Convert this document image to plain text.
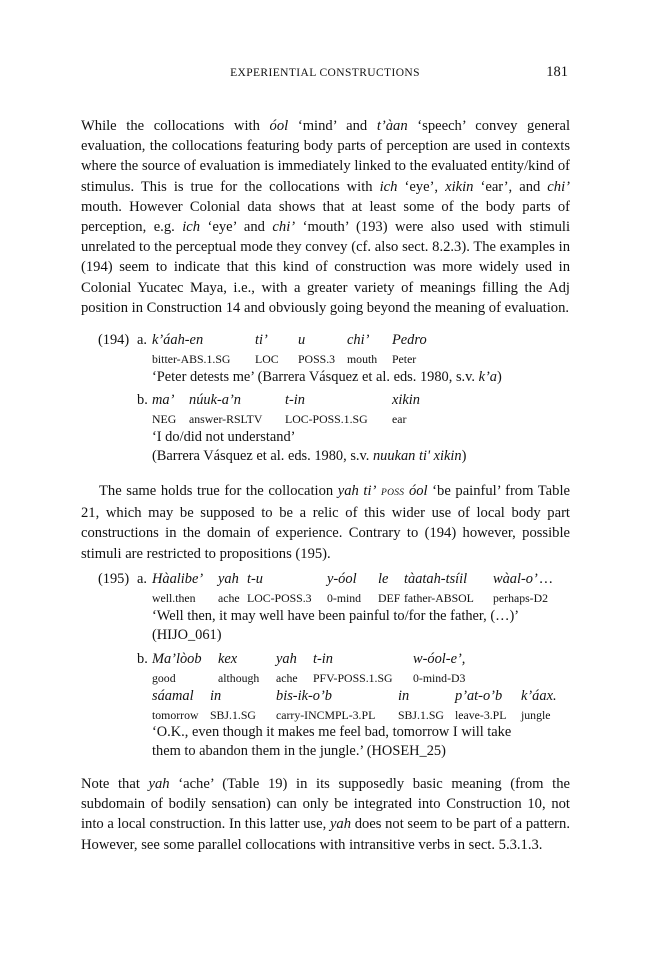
EXPERIENTIAL CONSTRUCTIONS	181

While the collocations with óol ‘mind’ and t’àan ‘speech’ convey general evaluation, the collocations featuring body parts of perception are used in contexts where the source of evaluation is immediately linked to the evaluated entity/kind of stimulus. This is true for the collocations with ich ‘eye’, xikin ‘ear’, and chi’ mouth. However Colonial data shows that at least some of the body parts of perception, e.g. ich ‘eye’ and chi’ ‘mouth’ (193) were also used with stimuli unrelated to the perceptual mode they convey (cf. also sect. 8.2.3). The examples in (194) seem to indicate that this kind of construction was more widely used in Colonial Yucatec Maya, i.e., with a greater variety of meanings filling the Adj position in Construction 14 and obviously going beyond the meaning of evaluation.

(194) a. k’áah-en	ti’ u	chi’ Pedro
bitter-ABS.1.SG LOC POSS.3 mouth Peter
‘Peter detests me’ (Barrera Vásquez et al. eds. 1980, s.v. k’a)
b. ma’ núuk-a’n	t-in	xikin
NEG answer-RSLTV LOC-POSS.1.SG ear
‘I do/did not understand’
(Barrera Vásquez et al. eds. 1980, s.v. nuukan ti' xikin)

The same holds true for the collocation yah ti’ POSS óol ‘be painful’ from Table 21, which may be supposed to be a relic of this wider use of local body part constructions in the domain of experience. Contrary to (194) however, possible stimuli are restricted to propositions (195).

(195) a. Hàalibe’ yah t-u	y-óol le tàatah-tsíil wàal-o’ …
well.then ache LOC-POSS.3 0-mind DEF father-ABSOL perhaps-D2
‘Well then, it may well have been painful to/for the father, (…)’
(HIJO_061)
b. Ma’lòob kex	yah t-in	w-óol-e’,
good	although ache PFV-POSS.1.SG 0-mind-D3
sáamal in	bis-ik-o’b	in	p’at-o’b k’áax.
tomorrow SBJ.1.SG carry-INCMPL-3.PL SBJ.1.SG leave-3.PL jungle
‘O.K., even though it makes me feel bad, tomorrow I will take
them to abandon them in the jungle.’ (HOSEH_25)

Note that yah ‘ache’ (Table 19) in its supposedly basic meaning (from the subdomain of bodily sensation) can only be integrated into Construction 10, not into a local construction. In this latter use, yah does not seem to be part of a pattern. However, see some parallel collocations with intransitive verbs in sect. 5.3.1.3.
